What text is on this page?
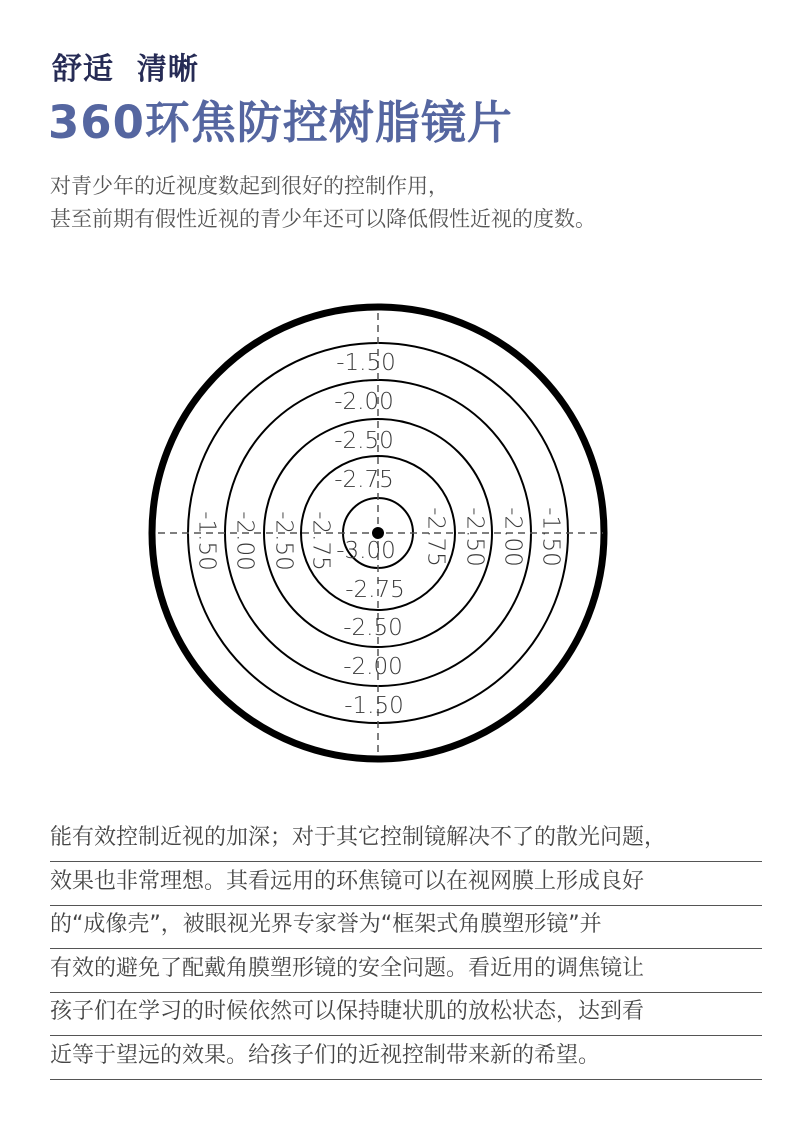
舒适  清晰
360环焦防控树脂镜片
对青少年的近视度数起到很好的控制作用，
甚至前期有假性近视的青少年还可以降低假性近视的度数。
-1.50
-2.00
-2.50
-2.75
-3.00
-2.75
-2.50
-2.00
-1.50
-1.50 -2.00 -2.50 -2.75	-2.75 -2.50 -2.00 -1.50
能有效控制近视的加深；对于其它控制镜解决不了的散光问题，
效果也非常理想。其看远用的环焦镜可以在视网膜上形成良好
的“成像壳”，被眼视光界专家誉为“框架式角膜塑形镜”并
有效的避免了配戴角膜塑形镜的安全问题。看近用的调焦镜让
孩子们在学习的时候依然可以保持睫状肌的放松状态，达到看
近等于望远的效果。给孩子们的近视控制带来新的希望。
